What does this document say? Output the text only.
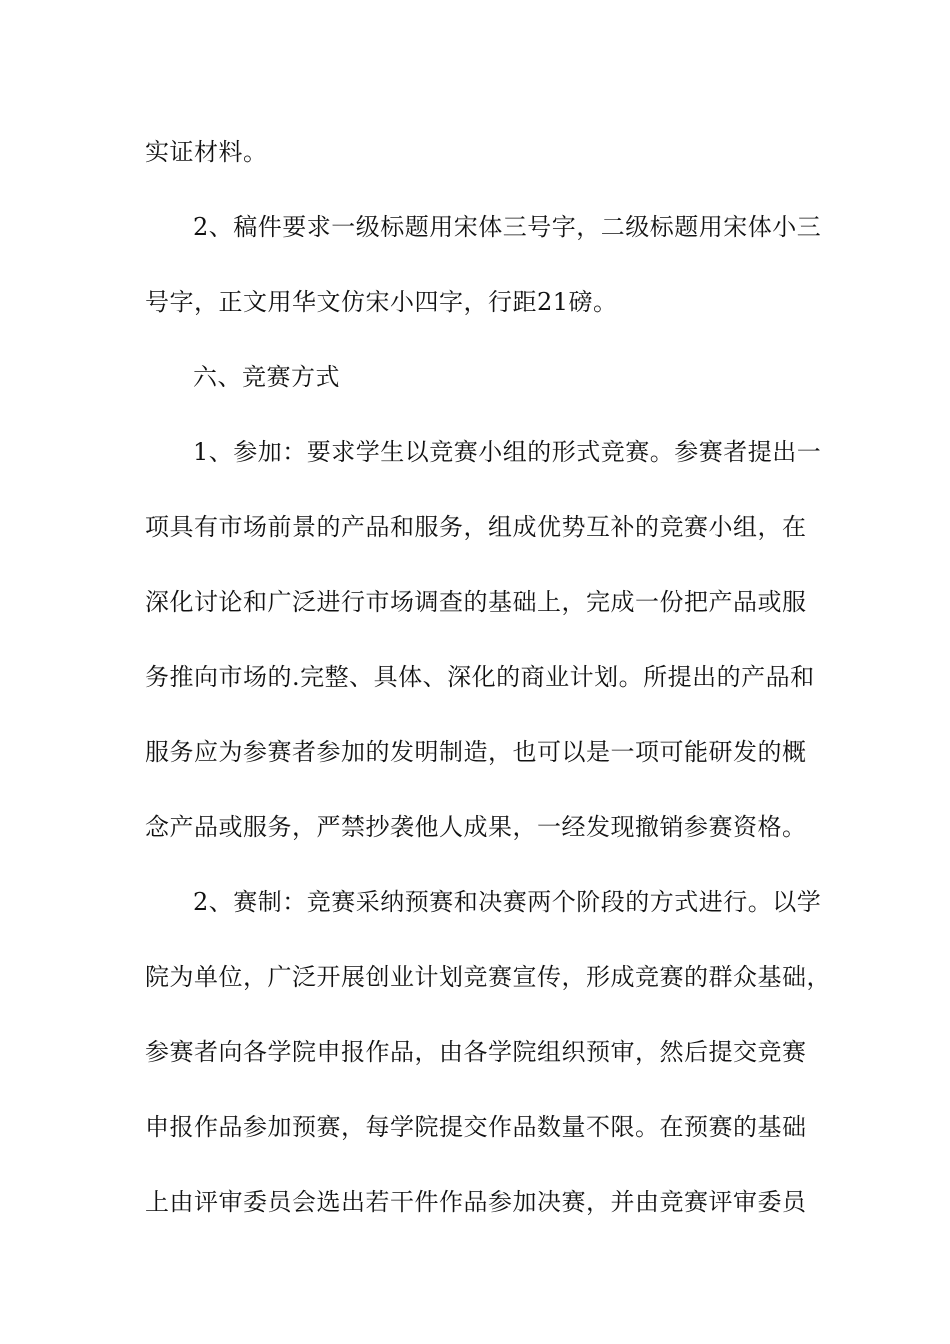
实证材料。
2、稿件要求一级标题用宋体三号字，二级标题用宋体小三
号字，正文用华文仿宋小四字，行距21磅。
六、竞赛方式
1、参加：要求学生以竞赛小组的形式竞赛。参赛者提出一
项具有市场前景的产品和服务，组成优势互补的竞赛小组，在
深化讨论和广泛进行市场调查的基础上，完成一份把产品或服
务推向市场的.完整、具体、深化的商业计划。所提出的产品和
服务应为参赛者参加的发明制造，也可以是一项可能研发的概
念产品或服务，严禁抄袭他人成果，一经发现撤销参赛资格。
2、赛制：竞赛采纳预赛和决赛两个阶段的方式进行。以学
院为单位，广泛开展创业计划竞赛宣传，形成竞赛的群众基础，
参赛者向各学院申报作品，由各学院组织预审，然后提交竞赛
申报作品参加预赛，每学院提交作品数量不限。在预赛的基础
上由评审委员会选出若干件作品参加决赛，并由竞赛评审委员
